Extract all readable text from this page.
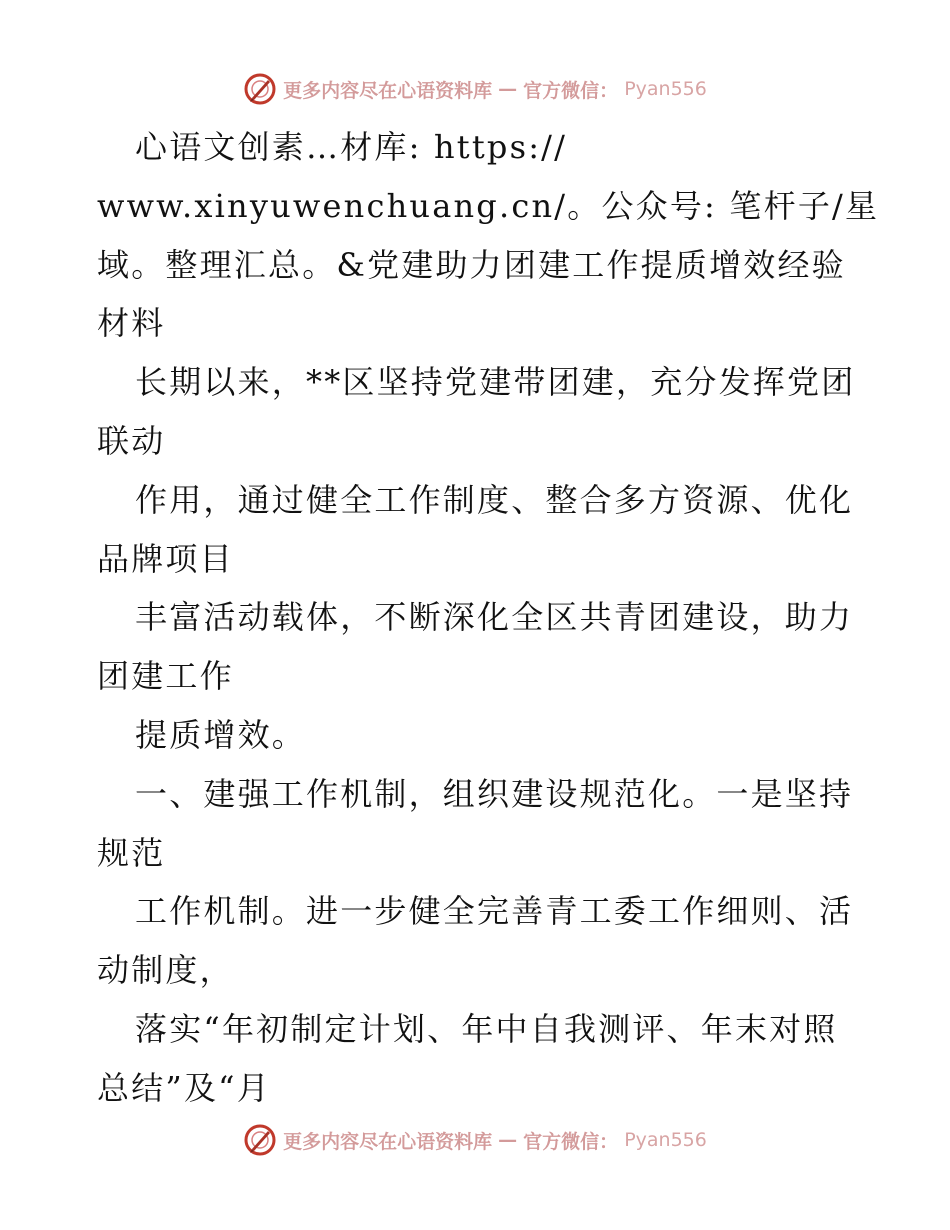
更多内容尽在心语资料库 — 官方微信： Pyan556
心语文创素…材库: https://
www.xinyuwenchuang.cn/。公众号: 笔杆子/星
域。整理汇总。&党建助力团建工作提质增效经验
材料
长期以来，**区坚持党建带团建，充分发挥党团
联动
作用，通过健全工作制度、整合多方资源、优化
品牌项目
丰富活动载体，不断深化全区共青团建设，助力
团建工作
提质增效。
一、建强工作机制，组织建设规范化。一是坚持
规范
工作机制。进一步健全完善青工委工作细则、活
动制度，
落实“年初制定计划、年中自我测评、年末对照
总结”及“月
更多内容尽在心语资料库 — 官方微信： Pyan556
